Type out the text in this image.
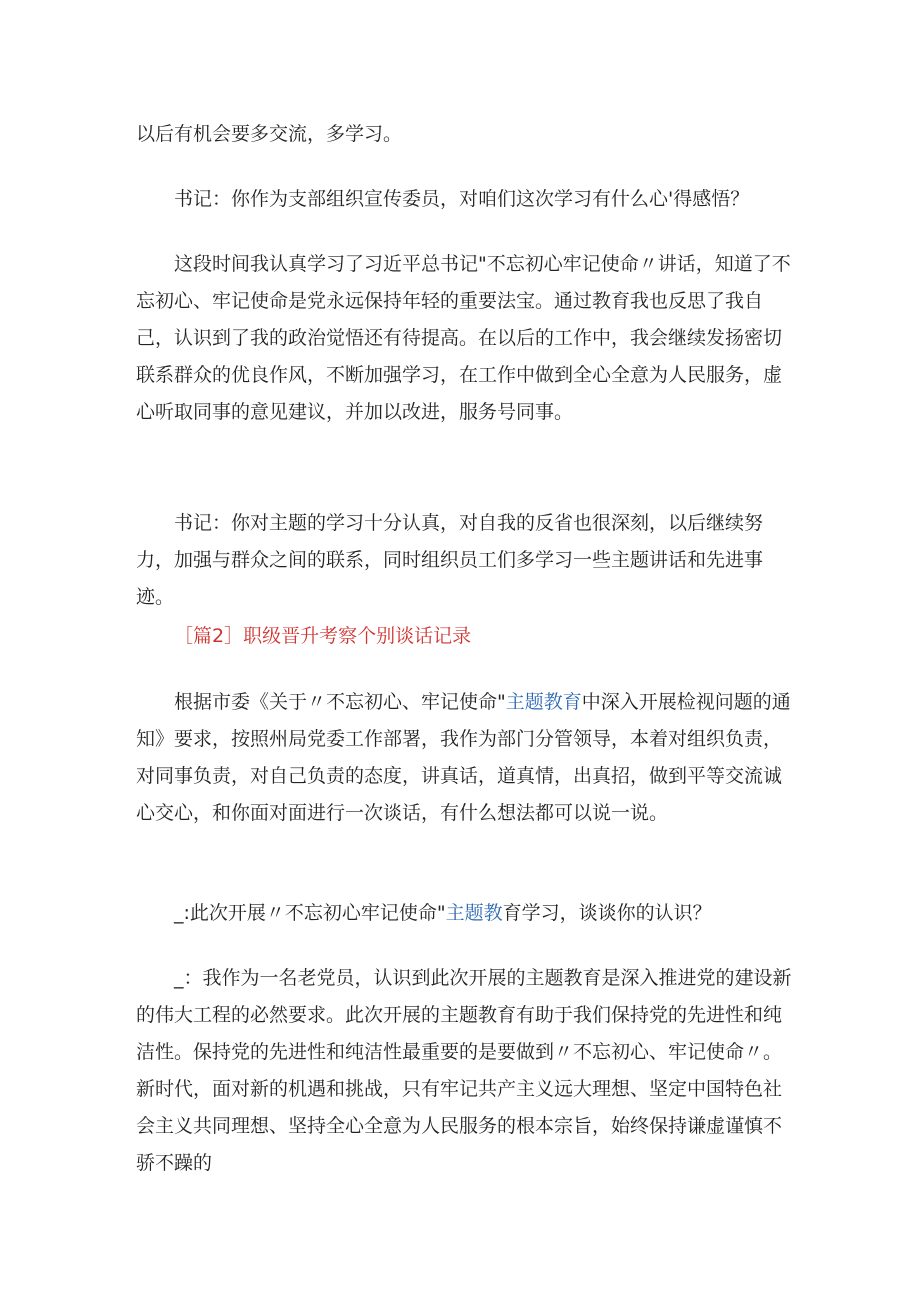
以后有机会要多交流，多学习。

书记：你作为支部组织宣传委员，对咱们这次学习有什么心'得感悟？

这段时间我认真学习了习近平总书记"不忘初心牢记使命〃讲话，知道了不忘初心、牢记使命是党永远保持年轻的重要法宝。通过教育我也反思了我自己，认识到了我的政治觉悟还有待提高。在以后的工作中，我会继续发扬密切联系群众的优良作风，不断加强学习，在工作中做到全心全意为人民服务，虚心听取同事的意见建议，并加以改进，服务号同事。

书记：你对主题的学习十分认真，对自我的反省也很深刻，以后继续努力，加强与群众之间的联系，同时组织员工们多学习一些主题讲话和先进事迹。

［篇2］职级晋升考察个别谈话记录

根据市委《关于〃不忘初心、牢记使命"主题教育中深入开展检视问题的通知》要求，按照州局党委工作部署，我作为部门分管领导，本着对组织负责，对同事负责，对自己负责的态度，讲真话，道真情，出真招，做到平等交流诚心交心，和你面对面进行一次谈话，有什么想法都可以说一说。

_:此次开展〃不忘初心牢记使命"主题教育学习，谈谈你的认识？

_：我作为一名老党员，认识到此次开展的主题教育是深入推进党的建设新的伟大工程的必然要求。此次开展的主题教育有助于我们保持党的先进性和纯洁性。保持党的先进性和纯洁性最重要的是要做到〃不忘初心、牢记使命〃。新时代，面对新的机遇和挑战，只有牢记共产主义远大理想、坚定中国特色社会主义共同理想、坚持全心全意为人民服务的根本宗旨，始终保持谦虚谨慎不骄不躁的
